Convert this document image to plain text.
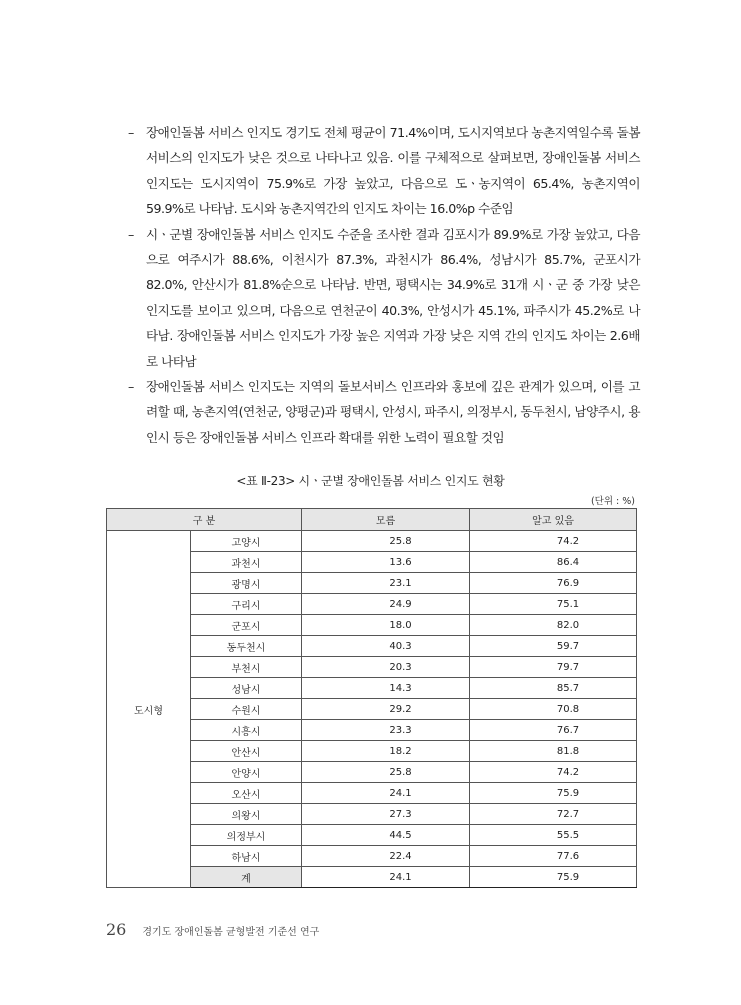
– 장애인돌봄 서비스 인지도 경기도 전체 평균이 71.4%이며, 도시지역보다 농촌지역일수록 돌봄서비스의 인지도가 낮은 것으로 나타나고 있음. 이를 구체적으로 살펴보면, 장애인돌봄 서비스 인지도는 도시지역이 75.9%로 가장 높았고, 다음으로 도ㆍ농지역이 65.4%, 농촌지역이 59.9%로 나타남. 도시와 농촌지역간의 인지도 차이는 16.0%p 수준임
– 시ㆍ군별 장애인돌봄 서비스 인지도 수준을 조사한 결과 김포시가 89.9%로 가장 높았고, 다음으로 여주시가 88.6%, 이천시가 87.3%, 과천시가 86.4%, 성남시가 85.7%, 군포시가 82.0%, 안산시가 81.8%순으로 나타남. 반면, 평택시는 34.9%로 31개 시ㆍ군 중 가장 낮은 인지도를 보이고 있으며, 다음으로 연천군이 40.3%, 안성시가 45.1%, 파주시가 45.2%로 나타남. 장애인돌봄 서비스 인지도가 가장 높은 지역과 가장 낮은 지역 간의 인지도 차이는 2.6배로 나타남
– 장애인돌봄 서비스 인지도는 지역의 돌보서비스 인프라와 홍보에 깊은 관계가 있으며, 이를 고려할 때, 농촌지역(연천군, 양평군)과 평택시, 안성시, 파주시, 의정부시, 동두천시, 남양주시, 용인시 등은 장애인돌봄 서비스 인프라 확대를 위한 노력이 필요할 것임
<표 Ⅱ-23> 시ㆍ군별 장애인돌봄 서비스 인지도 현황
(단위 : %)
구 분		모름	알고 있음
도시형	고양시	25.8	74.2
	과천시	13.6	86.4
	광명시	23.1	76.9
	구리시	24.9	75.1
	군포시	18.0	82.0
	동두천시	40.3	59.7
	부천시	20.3	79.7
	성남시	14.3	85.7
	수원시	29.2	70.8
	시흥시	23.3	76.7
	안산시	18.2	81.8
	안양시	25.8	74.2
	오산시	24.1	75.9
	의왕시	27.3	72.7
	의정부시	44.5	55.5
	하남시	22.4	77.6
	계	24.1	75.9
26 경기도 장애인돌봄 균형발전 기준선 연구
